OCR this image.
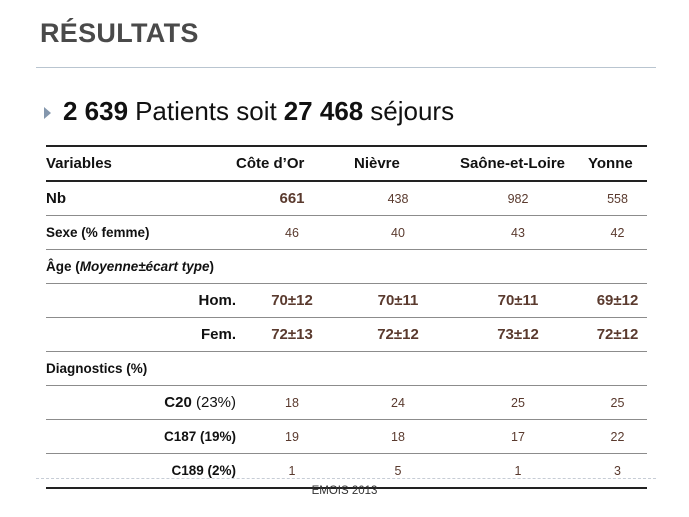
RÉSULTATS
2 639 Patients soit 27 468 séjours
Variables	Côte d’Or	Nièvre	Saône-et-Loire	Yonne
Nb	661	438	982	558
Sexe (% femme)	46	40	43	42
Âge (Moyenne±écart type)				
Hom.	70±12	70±11	70±11	69±12
Fem.	72±13	72±12	73±12	72±12
Diagnostics (%)				
C20 (23%)	18	24	25	25
C187 (19%)	19	18	17	22
C189 (2%)	1	5	1	3
EMOIS 2013
